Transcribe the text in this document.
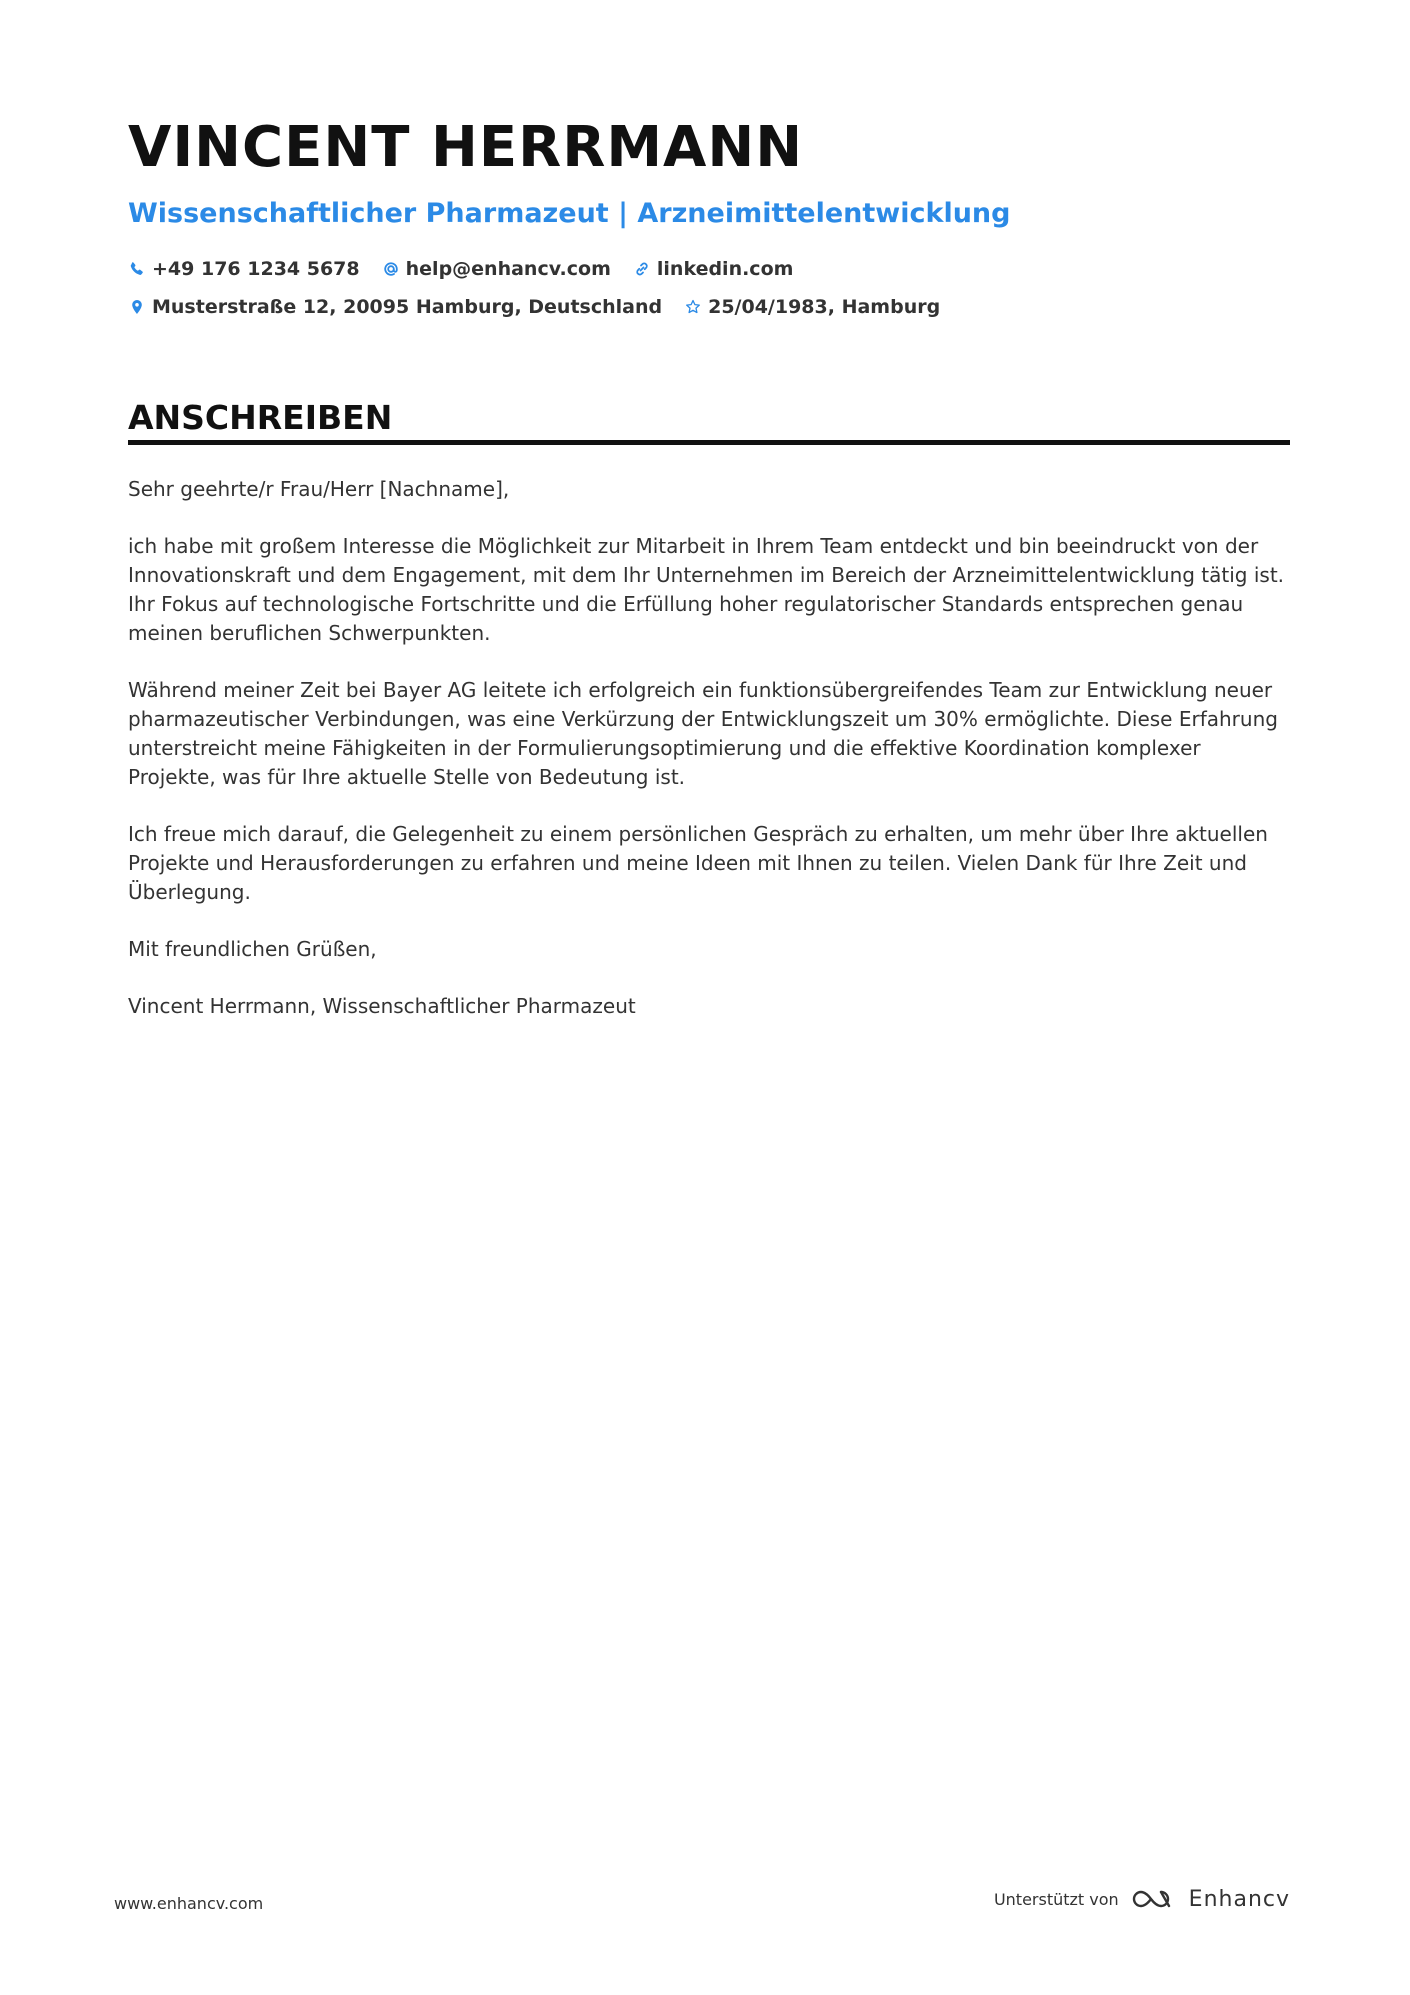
VINCENT HERRMANN
Wissenschaftlicher Pharmazeut | Arzneimittelentwicklung
+49 176 1234 5678 help@enhancv.com linkedin.com
Musterstraße 12, 20095 Hamburg, Deutschland 25/04/1983, Hamburg
ANSCHREIBEN

Sehr geehrte/r Frau/Herr [Nachname],

ich habe mit großem Interesse die Möglichkeit zur Mitarbeit in Ihrem Team entdeckt und bin beeindruckt von der Innovationskraft und dem Engagement, mit dem Ihr Unternehmen im Bereich der Arzneimittelentwicklung tätig ist. Ihr Fokus auf technologische Fortschritte und die Erfüllung hoher regulatorischer Standards entsprechen genau meinen beruflichen Schwerpunkten.

Während meiner Zeit bei Bayer AG leitete ich erfolgreich ein funktionsübergreifendes Team zur Entwicklung neuer pharmazeutischer Verbindungen, was eine Verkürzung der Entwicklungszeit um 30% ermöglichte. Diese Erfahrung unterstreicht meine Fähigkeiten in der Formulierungsoptimierung und die effektive Koordination komplexer Projekte, was für Ihre aktuelle Stelle von Bedeutung ist.

Ich freue mich darauf, die Gelegenheit zu einem persönlichen Gespräch zu erhalten, um mehr über Ihre aktuellen Projekte und Herausforderungen zu erfahren und meine Ideen mit Ihnen zu teilen. Vielen Dank für Ihre Zeit und Überlegung.

Mit freundlichen Grüßen,

Vincent Herrmann, Wissenschaftlicher Pharmazeut

www.enhancv.com	Unterstützt von	Enhancv
